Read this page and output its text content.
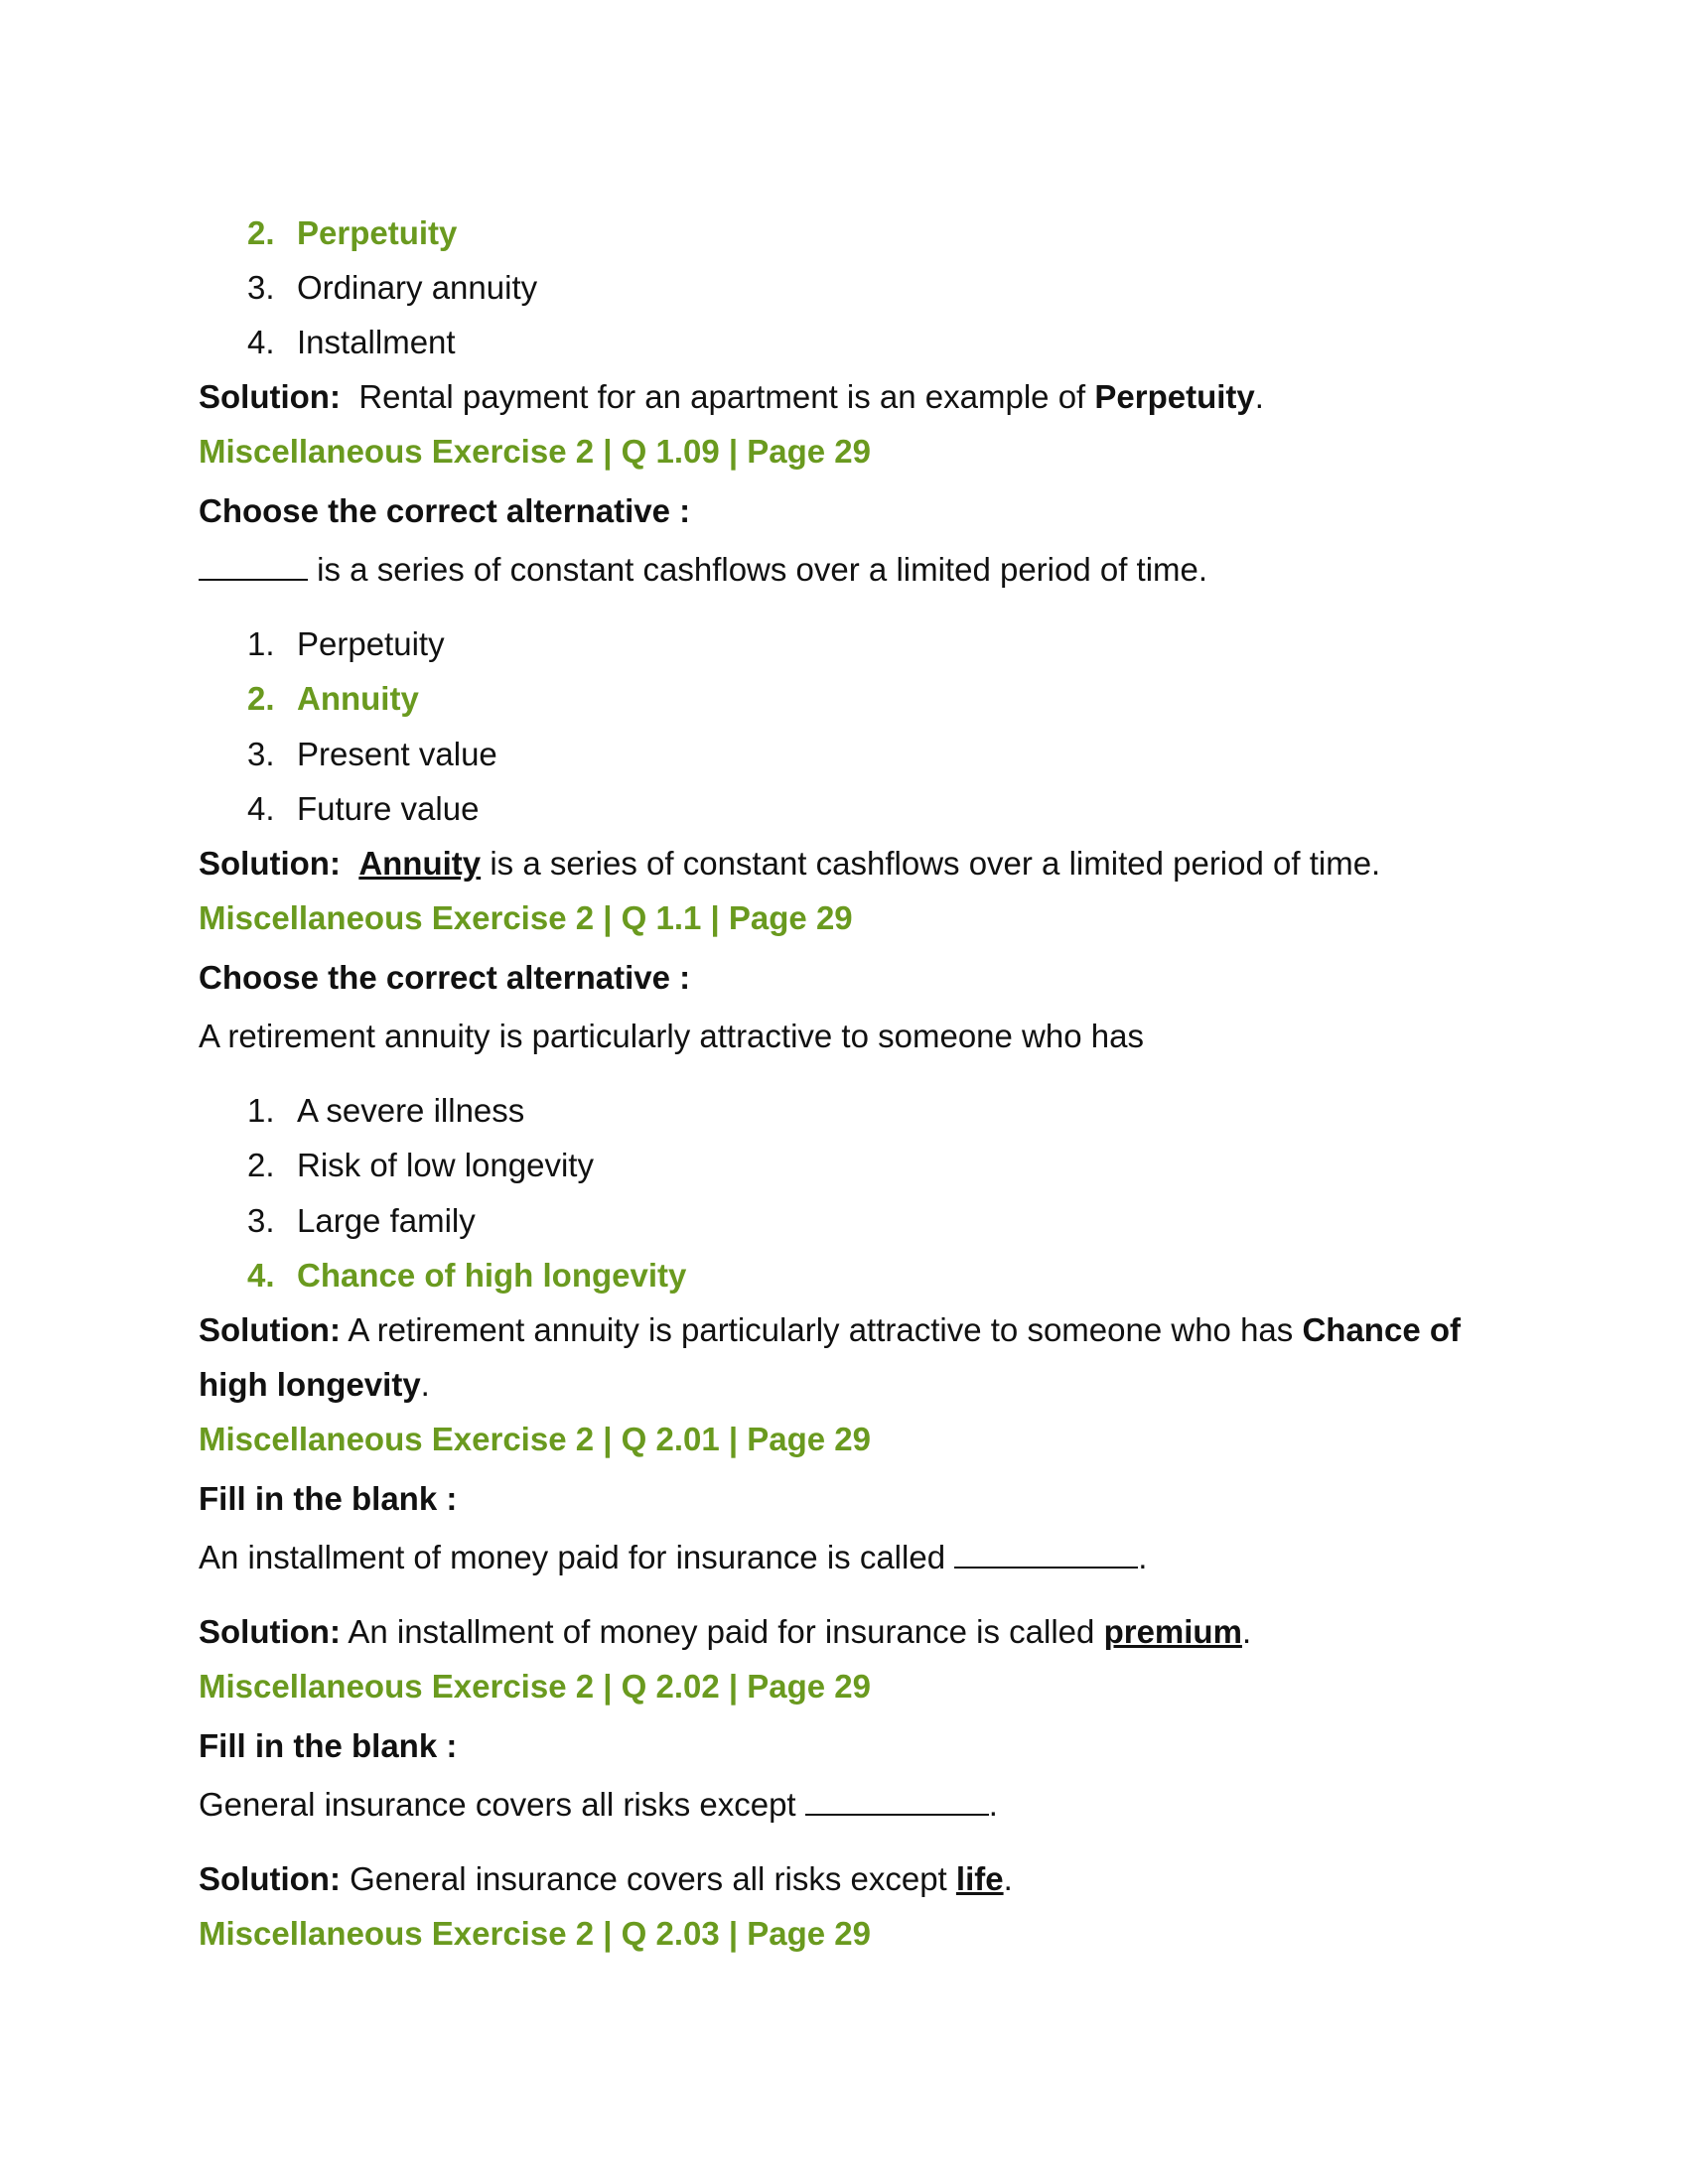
2. Perpetuity

3. Ordinary annuity

4. Installment

Solution: Rental payment for an apartment is an example of Perpetuity.

Miscellaneous Exercise 2 | Q 1.09 | Page 29

Choose the correct alternative :

is a series of constant cashflows over a limited period of time.

1. Perpetuity

2. Annuity

3. Present value

4. Future value

Solution: Annuity is a series of constant cashflows over a limited period of time.

Miscellaneous Exercise 2 | Q 1.1 | Page 29

Choose the correct alternative :

A retirement annuity is particularly attractive to someone who has

1. A severe illness

2. Risk of low longevity

3. Large family

4. Chance of high longevity

Solution: A retirement annuity is particularly attractive to someone who has Chance of

high longevity.

Miscellaneous Exercise 2 | Q 2.01 | Page 29

Fill in the blank :

An installment of money paid for insurance is called	.

Solution: An installment of money paid for insurance is called premium.

Miscellaneous Exercise 2 | Q 2.02 | Page 29

Fill in the blank :

General insurance covers all risks except	.

Solution: General insurance covers all risks except life.

Miscellaneous Exercise 2 | Q 2.03 | Page 29
